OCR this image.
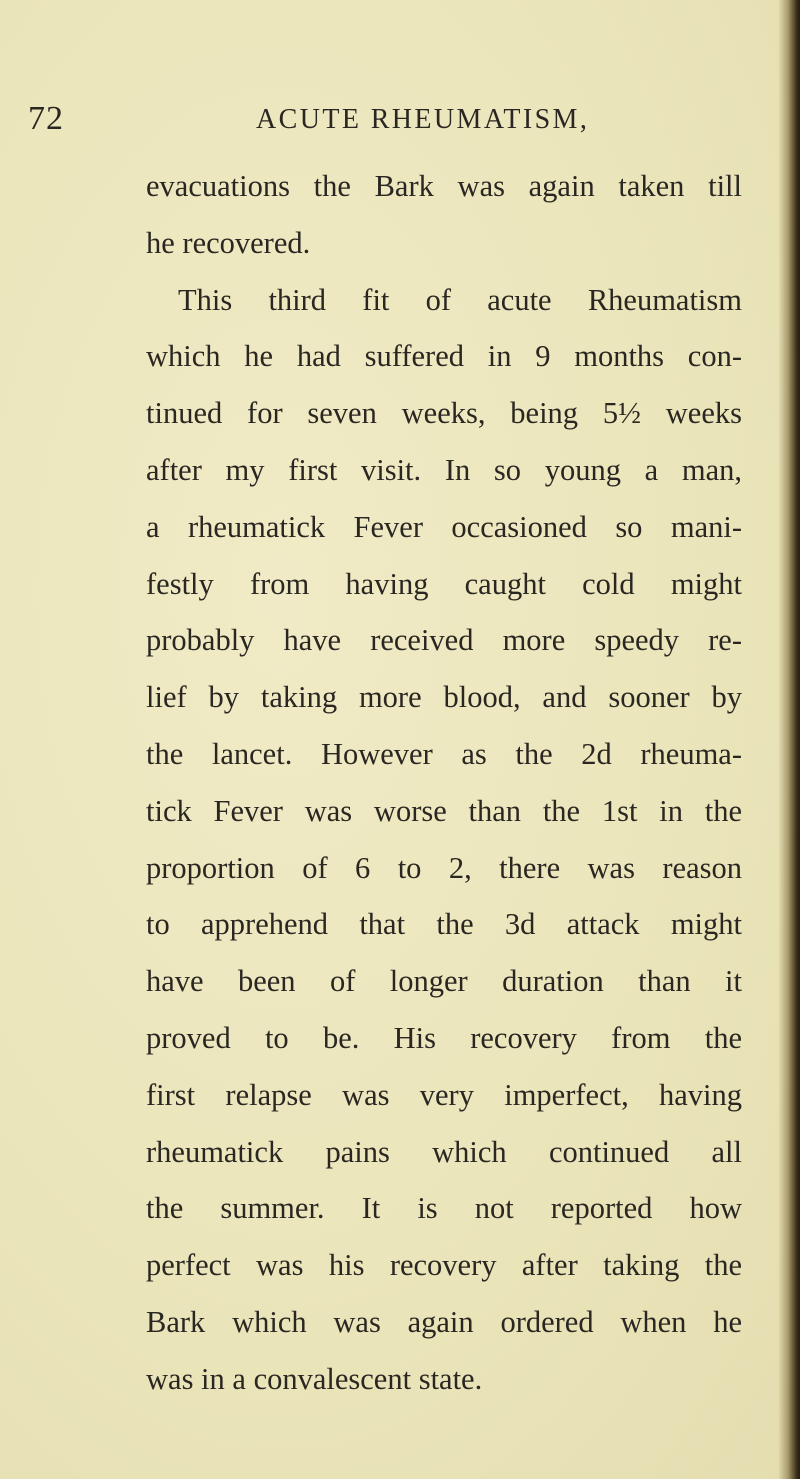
72	ACUTE RHEUMATISM,
evacuations the Bark was again taken till
he recovered.
This third fit of acute Rheumatism
which he had suffered in 9 months con-
tinued for seven weeks, being 5½ weeks
after my first visit. In so young a man,
a rheumatick Fever occasioned so mani-
festly from having caught cold might
probably have received more speedy re-
lief by taking more blood, and sooner by
the lancet. However as the 2d rheuma-
tick Fever was worse than the 1st in the
proportion of 6 to 2, there was reason
to apprehend that the 3d attack might
have been of longer duration than it
proved to be. His recovery from the
first relapse was very imperfect, having
rheumatick pains which continued all
the summer. It is not reported how
perfect was his recovery after taking the
Bark which was again ordered when he
was in a convalescent state.
